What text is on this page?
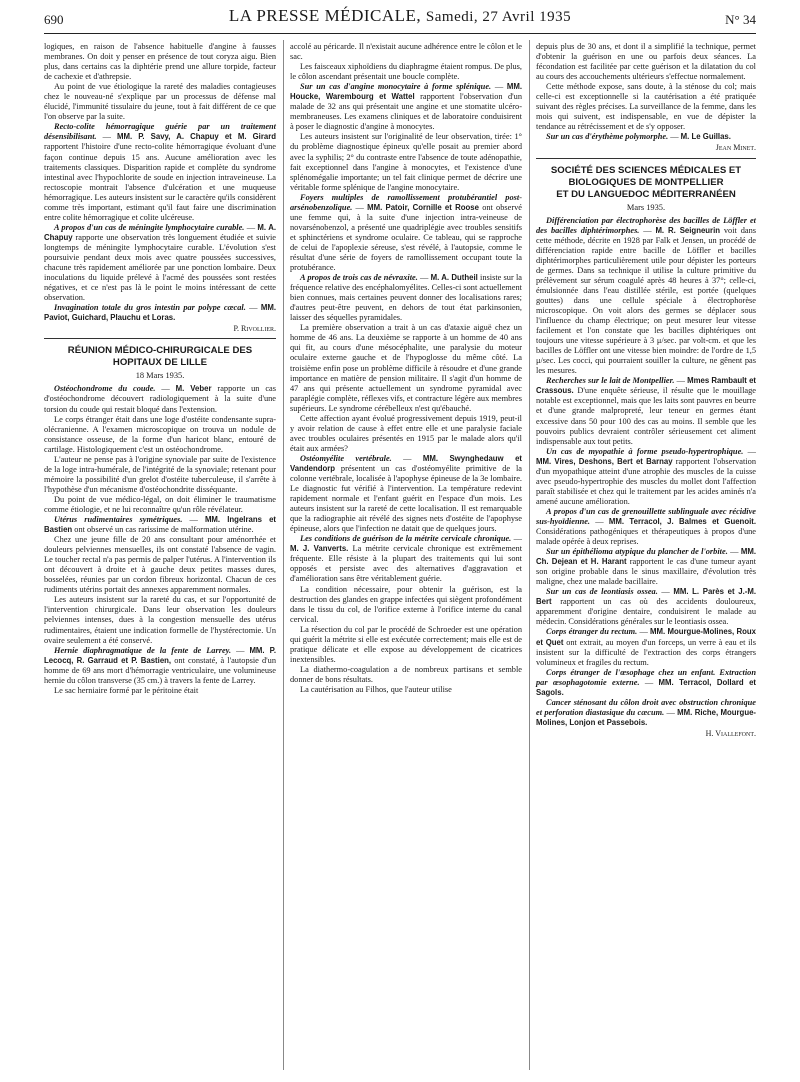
690	LA PRESSE MÉDICALE, Samedi, 27 Avril 1935	N° 34

logiques, en raison de l'absence habituelle d'angine à fausses membranes. On doit y penser en présence de tout coryza aigu. Bien plus, dans certains cas la diphtérie prend une allure torpide, facteur de cachexie et d'athrepsie.

Au point de vue étiologique la rareté des maladies contagieuses chez le nouveau-né s'explique par un processus de défense mal élucidé, l'immunité tissulaire du jeune, tout à fait différent de ce que l'on observe par la suite.

Recto-colite hémorragique guérie par un traitement désensibilisant. — MM. P. Savy, A. Chapuy et M. Girard rapportent l'histoire d'une recto-colite hémorragique évoluant d'une façon continue depuis 15 ans. Aucune amélioration avec les traitements classiques. Disparition rapide et complète du syndrome intestinal avec l'hypochlorite de soude en injection intraveineuse. La rectoscopie montrait l'absence d'ulcération et une muqueuse hémorragique. Les auteurs insistent sur le caractère qu'ils considèrent comme très important, estimant qu'il faut faire une discrimination entre colite hémorragique et colite ulcéreuse.

A propos d'un cas de méningite lymphocytaire curable. — M. A. Chapuy rapporte une observation très longuement étudiée et suivie longtemps de méningite lymphocytaire curable. L'évolution s'est poursuivie pendant deux mois avec quatre poussées successives, chacune très rapidement améliorée par une ponction lombaire. Deux inoculations du liquide prélevé à l'acmé des poussées sont restées négatives, et ce n'est pas là le point le moins intéressant de cette observation.

Invagination totale du gros intestin par polype cæcal. — MM. Paviot, Guichard, Plauchu et Loras.

P. Rivollier.
RÉUNION MÉDICO-CHIRURGICALE DES HOPITAUX DE LILLE
18 Mars 1935.

Ostéochondrome du coude. — M. Veber rapporte un cas d'ostéochondrome découvert radiologiquement à la suite d'une torsion du coude qui restait bloqué dans l'extension.

Le corps étranger était dans une loge d'ostéite condensante supra-olécranienne. A l'examen microscopique on trouva un nodule de consistance osseuse, de la forme d'un haricot blanc, entouré de cartilage. Histologiquement c'est un ostéochondrome.

L'auteur ne pense pas à l'origine synoviale par suite de l'existence de la loge intra-humérale, de l'intégrité de la synoviale; retenant pour mémoire la possibilité d'un grelot d'ostéite tuberculeuse, il s'arrête à l'hypothèse d'un mécanisme d'ostéochondrite disséquante.

Du point de vue médico-légal, on doit éliminer le traumatisme comme étiologie, et ne lui reconnaître qu'un rôle révélateur.

Utérus rudimentaires symétriques. — MM. Ingelrans et Bastien ont observé un cas rarissime de malformation utérine.

Chez une jeune fille de 20 ans consultant pour aménorrhée et douleurs pelviennes mensuelles, ils ont constaté l'absence de vagin. Le toucher rectal n'a pas permis de palper l'utérus. A l'intervention ils ont découvert à droite et à gauche deux petites masses dures, bosselées, réunies par un cordon fibreux horizontal. Chacun de ces rudiments utérins portait des annexes apparemment normales.

Les auteurs insistent sur la rareté du cas, et sur l'opportunité de l'intervention chirurgicale. Dans leur observation les douleurs pelviennes intenses, dues à la congestion mensuelle des utérus rudimentaires, étaient une indication formelle de l'hystérectomie. Un ovaire seulement a été conservé.

Hernie diaphragmatique de la fente de Larrey. — MM. P. Lecocq, R. Garraud et P. Bastien, ont constaté, à l'autopsie d'un homme de 69 ans mort d'hémorragie ventriculaire, une volumineuse hernie du côlon transverse (35 cm.) à travers la fente de Larrey.

Le sac herniaire formé par le péritoine était

accolé au péricarde. Il n'existait aucune adhérence entre le côlon et le sac.

Les faisceaux xiphoïdiens du diaphragme étaient rompus. De plus, le côlon ascendant présentait une boucle complète.

Sur un cas d'angine monocytaire à forme splénique. — MM. Houcke, Warembourg et Wattel rapportent l'observation d'un malade de 32 ans qui présentait une angine et une stomatite ulcéro-membraneuses. Les examens cliniques et de laboratoire conduisirent à poser le diagnostic d'angine à monocytes.

Les auteurs insistent sur l'originalité de leur observation, tirée: 1° du problème diagnostique épineux qu'elle posait au premier abord avec la syphilis; 2° du contraste entre l'absence de toute adénopathie, fait exceptionnel dans l'angine à monocytes, et l'existence d'une splénomégalie importante; un tel fait clinique permet de décrire une véritable forme splénique de l'angine monocytaire.

Foyers multiples de ramollissement protubérantiel post-arsénobenzolique. — MM. Patoir, Cornille et Roose ont observé une femme qui, à la suite d'une injection intra-veineuse de novarsénobenzol, a présenté une quadriplégie avec troubles sensitifs et sphinctériens et syndrome oculaire. Ce tableau, qui se rapproche de celui de l'apoplexie séreuse, s'est révélé, à l'autopsie, comme le résultat d'une série de foyers de ramollissement occupant toute la protubérance.

A propos de trois cas de névraxite. — M. A. Dutheil insiste sur la fréquence relative des encéphalomyélites. Celles-ci sont actuellement bien connues, mais certaines peuvent donner des localisations rares; d'autres peut-être peuvent, en dehors de tout état parkinsonien, laisser des séquelles pyramidales.

La première observation a trait à un cas d'ataxie aiguë chez un homme de 46 ans. La deuxième se rapporte à un homme de 40 ans qui fit, au cours d'une mésocéphalite, une paralysie du moteur oculaire externe gauche et de l'hypoglosse du même côté. La troisième enfin pose un problème difficile à résoudre et d'une grande importance en matière de pension militaire. Il s'agit d'un homme de 47 ans qui présente actuellement un syndrome pyramidal avec paraplégie complète, réflexes vifs, et contracture légère aux membres supérieurs. Le syndrome cérébelleux n'est qu'ébauché.

Cette affection ayant évolué progressivement depuis 1919, peut-il y avoir relation de cause à effet entre elle et une paralysie faciale avec troubles oculaires présentés en 1915 par le malade alors qu'il était aux armées?

Ostéomyélite vertébrale. — MM. Swynghedauw et Vandendorp présentent un cas d'ostéomyélite primitive de la colonne vertébrale, localisée à l'apophyse épineuse de la 3e lombaire. Le diagnostic fut vérifié à l'intervention. La température redevint rapidement normale et l'enfant guérit en l'espace d'un mois. Les auteurs insistent sur la rareté de cette localisation. Il est remarquable que la radiographie ait révélé des signes nets d'ostéite de l'apophyse épineuse, alors que l'infection ne datait que de quelques jours.

Les conditions de guérison de la métrite cervicale chronique. — M. J. Vanverts. La métrite cervicale chronique est extrêmement fréquente. Elle résiste à la plupart des traitements qui lui sont opposés et persiste avec des alternatives d'aggravation et d'amélioration sans être véritablement guérie.

La condition nécessaire, pour obtenir la guérison, est la destruction des glandes en grappe infectées qui siègent profondément dans le tissu du col, de l'orifice externe à l'orifice interne du canal cervical.

La résection du col par le procédé de Schroeder est une opération qui guérit la métrite si elle est exécutée correctement; mais elle est de pratique délicate et elle expose au développement de cicatrices inextensibles.

La diathermo-coagulation a de nombreux partisans et semble donner de bons résultats.

La cautérisation au Filhos, que l'auteur utilise

depuis plus de 30 ans, et dont il a simplifié la technique, permet d'obtenir la guérison en une ou parfois deux séances. La fécondation est facilitée par cette guérison et la dilatation du col au cours des accouchements ultérieurs s'effectue normalement.

Cette méthode expose, sans doute, à la sténose du col; mais celle-ci est exceptionnelle si la cautérisation a été pratiquée suivant des règles précises. La surveillance de la femme, dans les mois qui suivent, est indispensable, en vue de dépister la tendance au rétrécissement et de s'y opposer.

Sur un cas d'érythème polymorphe. — M. Le Guillas.

Jean Minet.
SOCIÉTÉ DES SCIENCES MÉDICALES ET BIOLOGIQUES DE MONTPELLIER
ET DU LANGUEDOC MÉDITERRANÉEN
Mars 1935.

Différenciation par électrophorèse des bacilles de Löffler et des bacilles diphtérimorphes. — M. R. Seigneurin voit dans cette méthode, décrite en 1928 par Falk et Jensen, un procédé de différenciation rapide entre bacille de Löffler et bacilles diphtérimorphes particulièrement utile pour dépister les porteurs de germes. Dans sa technique il utilise la culture primitive du prélèvement sur sérum coagulé après 48 heures à 37°; celle-ci, émulsionnée dans l'eau distillée stérile, est portée (quelques gouttes) dans une cellule spéciale à électrophorèse microscopique. On voit alors des germes se déplacer sous l'influence du champ électrique; on peut mesurer leur vitesse facilement et l'on constate que les bacilles diphtériques ont toujours une vitesse supérieure à 3 μ/sec. par volt-cm. et que les bacilles de Löffler ont une vitesse bien moindre: de l'ordre de 1,5 μ/sec. Les cocci, qui pourraient souiller la culture, ne gênent pas les mesures.

Recherches sur le lait de Montpellier. — Mmes Rambault et Crassous. D'une enquête sérieuse, il résulte que le mouillage notable est exceptionnel, mais que les laits sont pauvres en beurre et d'une grande malpropreté, leur teneur en germes étant excessive dans 50 pour 100 des cas au moins. Il semble que les pouvoirs publics devraient contrôler sérieusement cet aliment indispensable aux tout petits.

Un cas de myopathie à forme pseudo-hypertrophique. — MM. Vires, Deshons, Bert et Barnay rapportent l'observation d'un myopathique atteint d'une atrophie des muscles de la cuisse avec pseudo-hypertrophie des muscles du mollet dont l'affection paraît stabilisée et chez qui le traitement par les acides aminés n'a amené aucune amélioration.

A propos d'un cas de grenouillette sublinguale avec récidive sus-hyoïdienne. — MM. Terracol, J. Balmes et Guenoit. Considérations pathogéniques et thérapeutiques à propos d'une malade opérée à deux reprises.

Sur un épithélioma atypique du plancher de l'orbite. — MM. Ch. Dejean et H. Harant rapportent le cas d'une tumeur ayant son origine probable dans le sinus maxillaire, d'évolution très maligne, chez une malade bacillaire.

Sur un cas de leontiasis ossea. — MM. L. Parès et J.-M. Bert rapportent un cas où des accidents douloureux, apparemment d'origine dentaire, conduisirent le malade au médecin. Considérations générales sur le leontiasis ossea.

Corps étranger du rectum. — MM. Mourgue-Molines, Roux et Quet ont extrait, au moyen d'un forceps, un verre à eau et ils insistent sur la difficulté de l'extraction des corps étrangers volumineux et fragiles du rectum.

Corps étranger de l'œsophage chez un enfant. Extraction par œsophagotomie externe. — MM. Terracol, Dollard et Sagols.

Cancer sténosant du côlon droit avec obstruction chronique et perforation diastasique du cæcum. — MM. Riche, Mourgue-Molines, Lonjon et Passebois.

H. Viallefont.
